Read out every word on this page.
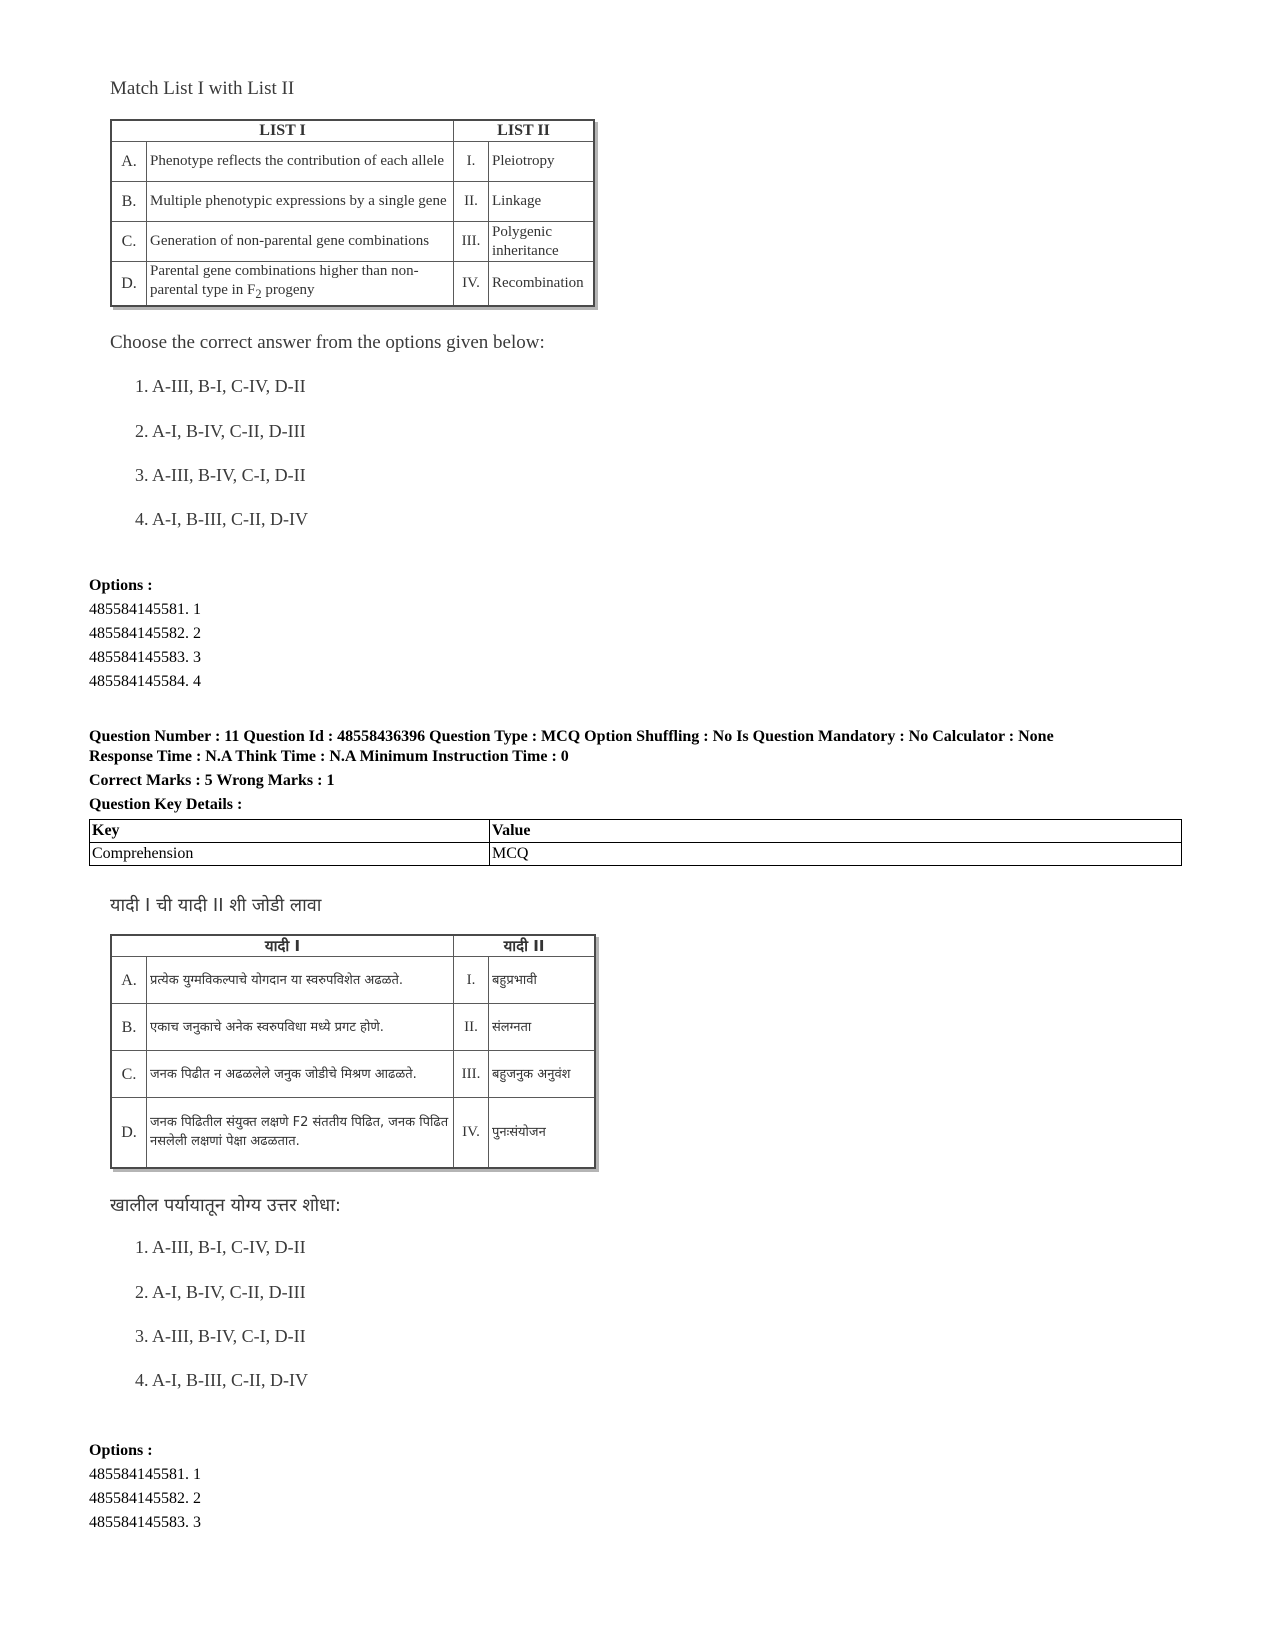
Match List I with List II

LIST I		LIST II	
A.	Phenotype reflects the contribution of each allele	I.	Pleiotropy
B.	Multiple phenotypic expressions by a single gene	II.	Linkage
C.	Generation of non-parental gene combinations	III.	Polygenic inheritance
D.	Parental gene combinations higher than non-parental type in $F_2$ progeny	IV.	Recombination

Choose the correct answer from the options given below:

1. A-III, B-I, C-IV, D-II

2. A-I, B-IV, C-II, D-III

3. A-III, B-IV, C-I, D-II

4. A-I, B-III, C-II, D-IV

Options :
485584145581. 1
485584145582. 2
485584145583. 3
485584145584. 4
Question Number : 11 Question Id : 48558436396 Question Type : MCQ Option Shuffling : No Is Question Mandatory : No Calculator : None
Response Time : N.A Think Time : N.A Minimum Instruction Time : 0
Correct Marks : 5 Wrong Marks : 1
Question Key Details :
Key	Value
Comprehension	MCQ

यादी I ची यादी II शी जोडी लावा

यादी I		यादी II	
A.	प्रत्येक युग्मविकल्पाचे योगदान या स्वरुपविशेत अढळते.	I.	बहुप्रभावी
B.	एकाच जनुकाचे अनेक स्वरुपविधा मध्ये प्रगट होणे.	II.	संलग्नता
C.	जनक पिढीत न अढळलेले जनुक जोडीचे मिश्रण आढळते.	III.	बहुजनुक अनुवंश
D.	जनक पिढितील संयुक्त लक्षणे F2 संततीय पिढित, जनक पिढित नसलेली लक्षणां पेक्षा अढळतात.	IV.	पुनःसंयोजन

खालील पर्यायातून योग्य उत्तर शोधा:

1. A-III, B-I, C-IV, D-II

2. A-I, B-IV, C-II, D-III

3. A-III, B-IV, C-I, D-II

4. A-I, B-III, C-II, D-IV

Options :
485584145581. 1
485584145582. 2
485584145583. 3
